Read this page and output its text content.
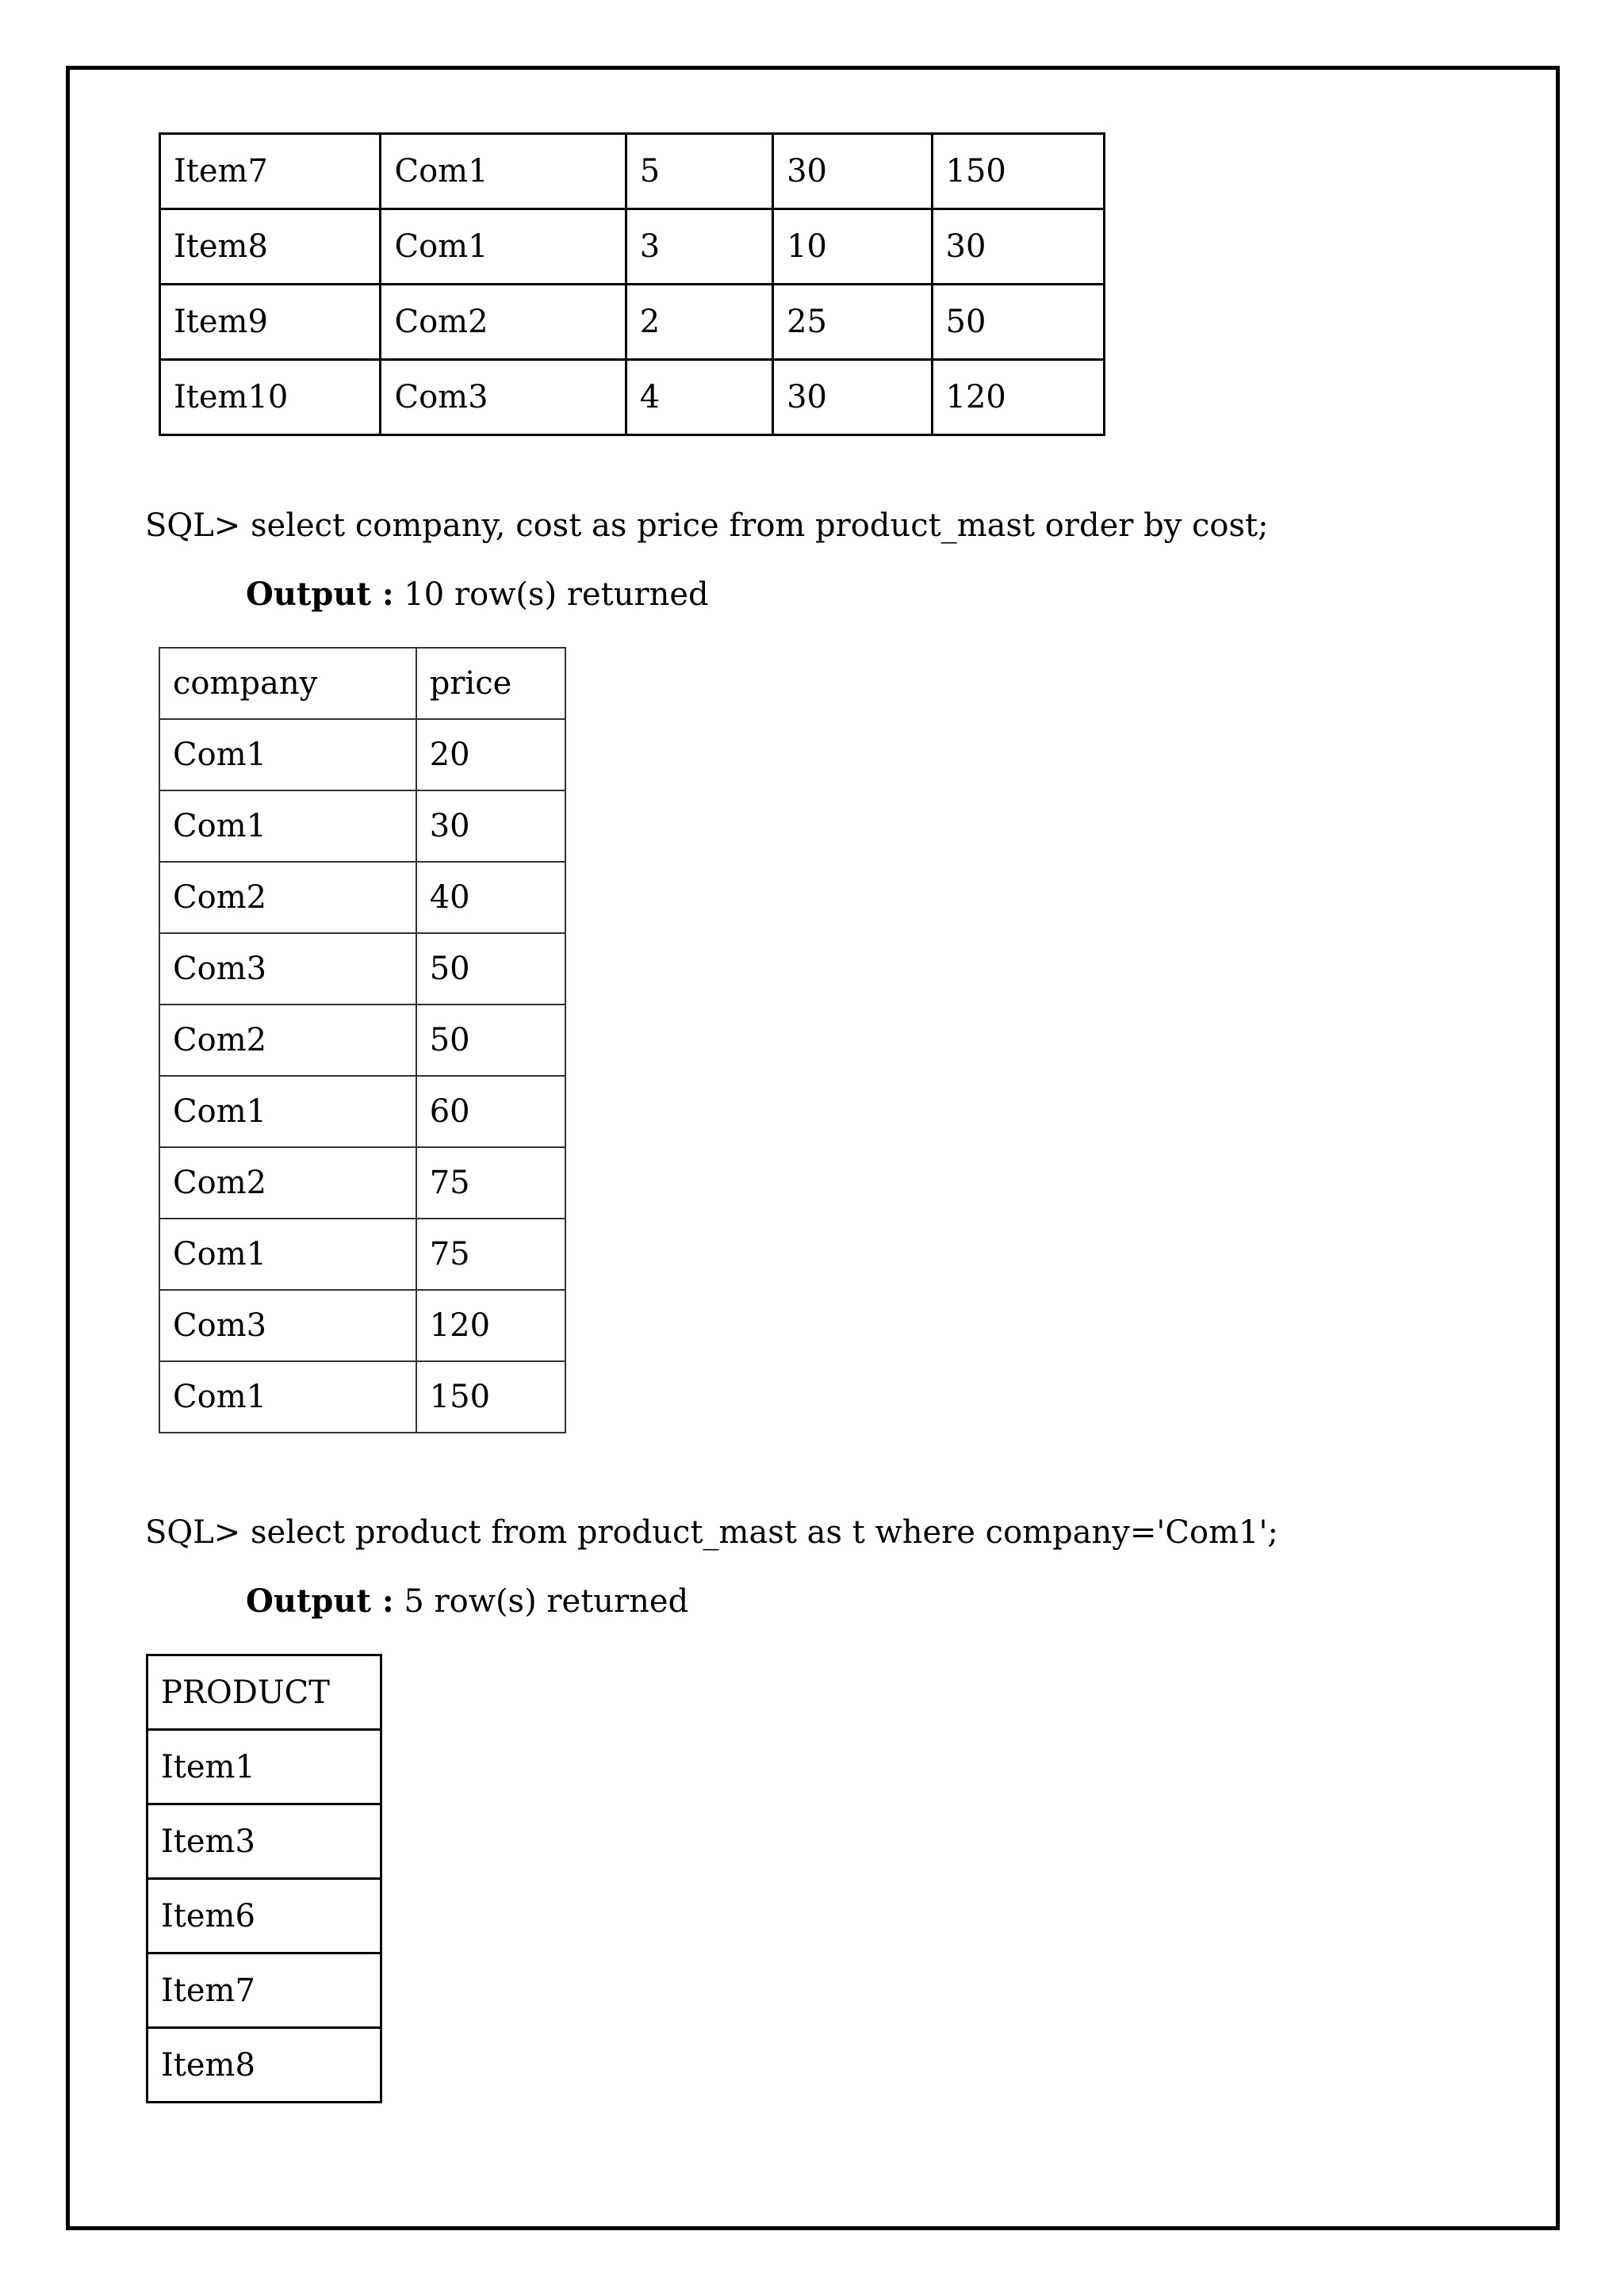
Item7	Com1	5	30	150
Item8	Com1	3	10	30
Item9	Com2	2	25	50
Item10	Com3	4	30	120
SQL> select company, cost as price from product_mast order by cost;
Output : 10 row(s) returned
company	price
Com1	20
Com1	30
Com2	40
Com3	50
Com2	50
Com1	60
Com2	75
Com1	75
Com3	120
Com1	150
SQL> select product from product_mast as t where company='Com1';
Output : 5 row(s) returned
PRODUCT
Item1
Item3
Item6
Item7
Item8
